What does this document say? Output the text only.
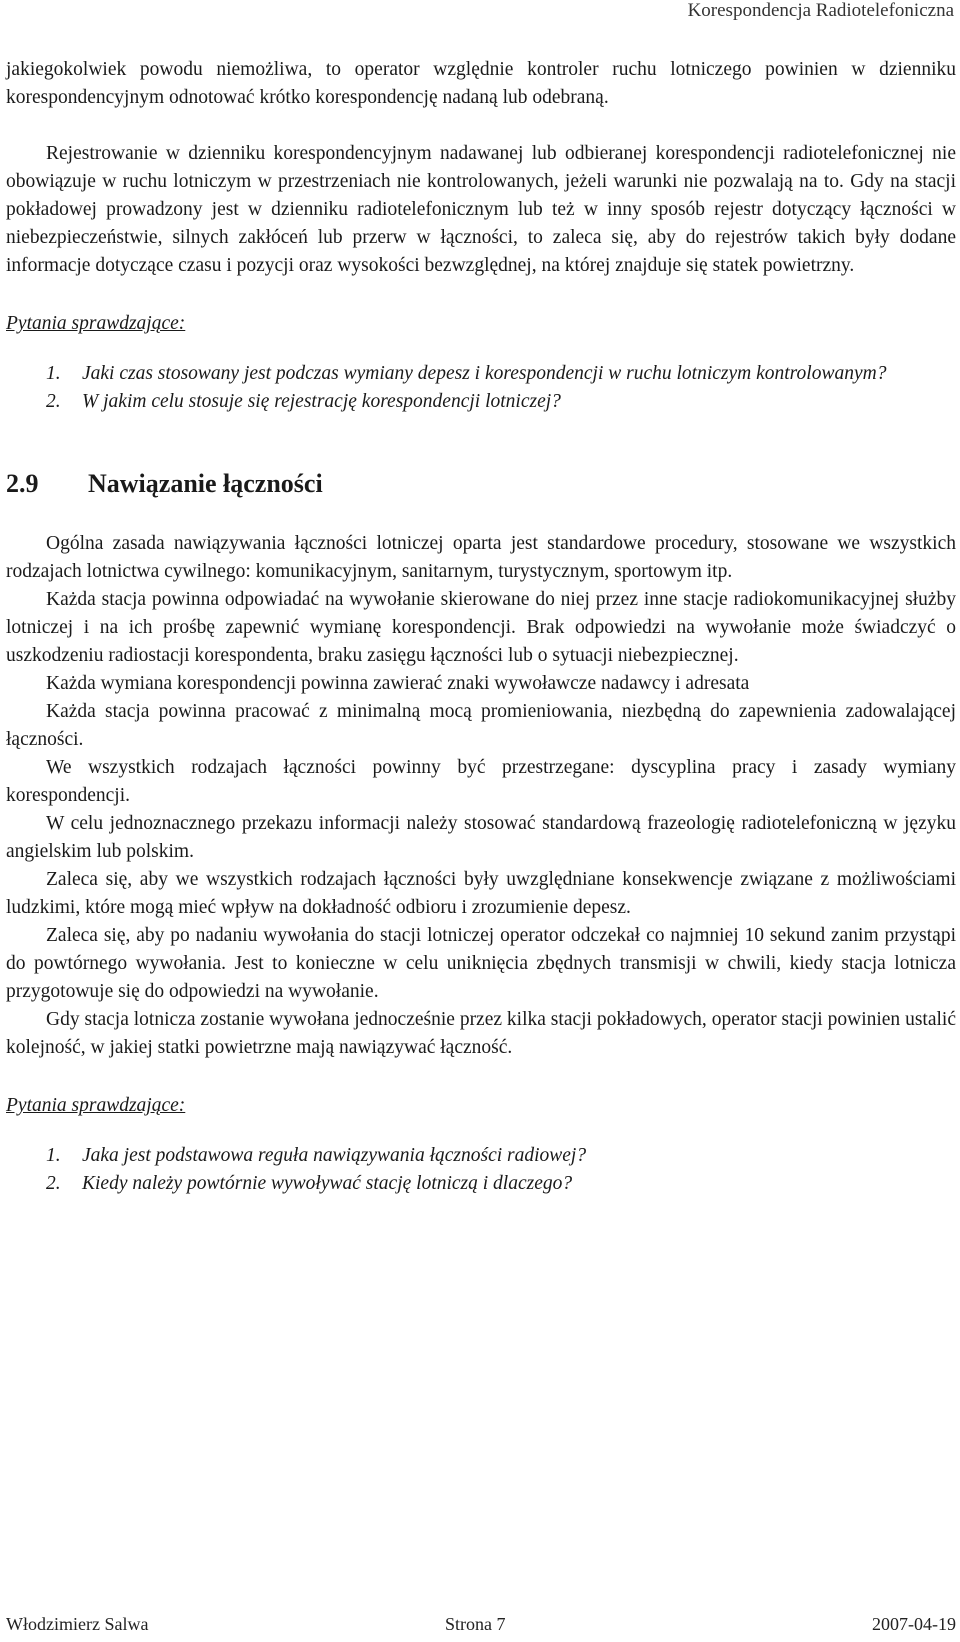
Korespondencja Radiotelefoniczna

jakiegokolwiek powodu niemożliwa, to operator względnie kontroler ruchu lotniczego powinien w dzienniku korespondencyjnym odnotować krótko korespondencję nadaną lub odebraną.

Rejestrowanie w dzienniku korespondencyjnym nadawanej lub odbieranej korespondencji radiotelefonicznej nie obowiązuje w ruchu lotniczym w przestrzeniach nie kontrolowanych, jeżeli warunki nie pozwalają na to. Gdy na stacji pokładowej prowadzony jest w dzienniku radiotelefonicznym lub też w inny sposób rejestr dotyczący łączności w niebezpieczeństwie, silnych zakłóceń lub przerw w łączności, to zaleca się, aby do rejestrów takich były dodane informacje dotyczące czasu i pozycji oraz wysokości bezwzględnej, na której znajduje się statek powietrzny.

Pytania sprawdzające:
1. Jaki czas stosowany jest podczas wymiany depesz i korespondencji w ruchu lotniczym kontrolowanym?
2. W jakim celu stosuje się rejestrację korespondencji lotniczej?
2.9	Nawiązanie łączności

Ogólna zasada nawiązywania łączności lotniczej oparta jest standardowe procedury, stosowane we wszystkich rodzajach lotnictwa cywilnego: komunikacyjnym, sanitarnym, turystycznym, sportowym itp.

Każda stacja powinna odpowiadać na wywołanie skierowane do niej przez inne stacje radiokomunikacyjnej służby lotniczej i na ich prośbę zapewnić wymianę korespondencji. Brak odpowiedzi na wywołanie może świadczyć o uszkodzeniu radiostacji korespondenta, braku zasięgu łączności lub o sytuacji niebezpiecznej.

Każda wymiana korespondencji powinna zawierać znaki wywoławcze nadawcy i adresata

Każda stacja powinna pracować z minimalną mocą promieniowania, niezbędną do zapewnienia zadowalającej łączności.

We wszystkich rodzajach łączności powinny być przestrzegane: dyscyplina pracy i zasady wymiany korespondencji.

W celu jednoznacznego przekazu informacji należy stosować standardową frazeologię radiotelefoniczną w języku angielskim lub polskim.

Zaleca się, aby we wszystkich rodzajach łączności były uwzględniane konsekwencje związane z możliwościami ludzkimi, które mogą mieć wpływ na dokładność odbioru i zrozumienie depesz.

Zaleca się, aby po nadaniu wywołania do stacji lotniczej operator odczekał co najmniej 10 sekund zanim przystąpi do powtórnego wywołania. Jest to konieczne w celu uniknięcia zbędnych transmisji w chwili, kiedy stacja lotnicza przygotowuje się do odpowiedzi na wywołanie.

Gdy stacja lotnicza zostanie wywołana jednocześnie przez kilka stacji pokładowych, operator stacji powinien ustalić kolejność, w jakiej statki powietrzne mają nawiązywać łączność.

Pytania sprawdzające:
1. Jaka jest podstawowa reguła nawiązywania łączności radiowej?
2. Kiedy należy powtórnie wywoływać stację lotniczą i dlaczego?
Włodzimierz Salwa	Strona 7	2007-04-19
